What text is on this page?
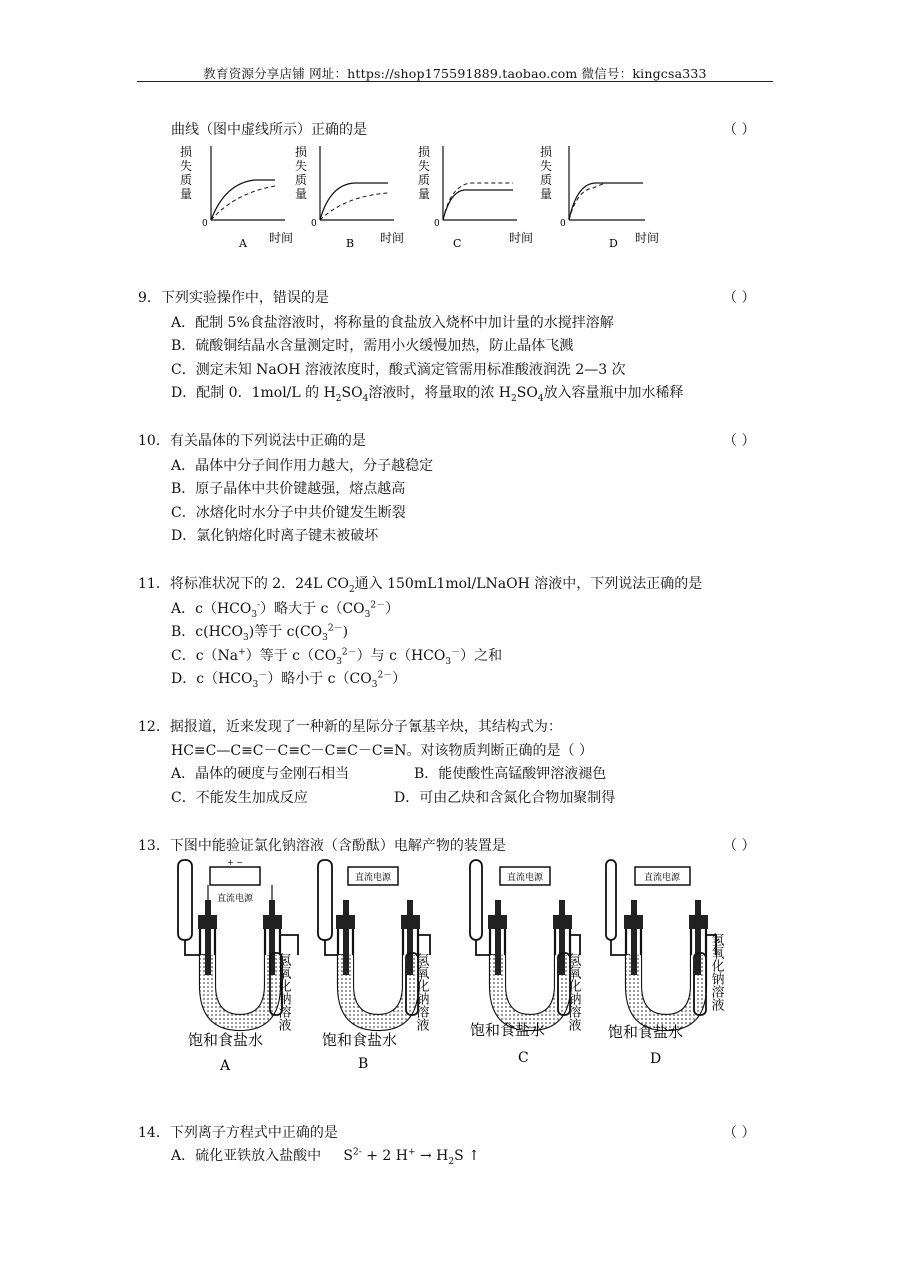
教育资源分享店铺 网址：https://shop175591889.taobao.com 微信号：kingcsa333
曲线（图中虚线所示）正确的是	（ ）
损
失
质
量
0
时间
A
损
失
质
量
0
时间
B
损
失
质
量
0
时间
C
损
失
质
量
0
时间
D
9．下列实验操作中，错误的是	（ ）
A．配制 5%食盐溶液时，将称量的食盐放入烧杯中加计量的水搅拌溶解
B．硫酸铜结晶水含量测定时，需用小火缓慢加热，防止晶体飞溅
C．测定未知 NaOH 溶液浓度时，酸式滴定管需用标准酸液润洗 2—3 次
D．配制 0．1mol/L 的 $H_2SO_4$溶液时，将量取的浓 $H_2SO_4$放入容量瓶中加水稀释
10．有关晶体的下列说法中正确的是	（ ）
A．晶体中分子间作用力越大，分子越稳定
B．原子晶体中共价键越强，熔点越高
C．冰熔化时水分子中共价键发生断裂
D．氯化钠熔化时离子键未被破坏
11．将标准状况下的 2．24L $CO_2$通入 150mL1mol/LNaOH 溶液中，下列说法正确的是
A．$c(HCO_3^-)$略大于 $c(CO_3^{2-})$
B．$c(HCO_3)$等于 $c(CO_3^{2-})$
C．c（Na+）等于 $c(CO_3^{2-})$与 $c(HCO_3^-)$之和
D．$c(HCO_3^-)$略小于 $c(CO_3^{2-})$
12．据报道，近来发现了一种新的星际分子氰基辛炔，其结构式为：
HC≡C—C≡C－C≡C－C≡C－C≡N。对该物质判断正确的是（ ）
A．晶体的硬度与金刚石相当	B．能使酸性高锰酸钾溶液褪色
C．不能发生加成反应	D．可由乙炔和含氮化合物加聚制得
13．下图中能验证氯化钠溶液（含酚酞）电解产物的装置是	（ ）
+ −
直流电源
氢氧化钠溶液
饱和食盐水
A
直流电源
氢氧化钠溶液
饱和食盐水
B
直流电源
氢氧化钠溶液
饱和食盐水
C
直流电源
氢氧化钠溶液
饱和食盐水
D
14．下列离子方程式中正确的是	（ ）
A．硫化亚铁放入盐酸中 $S^{2-} + 2$ $H^+ \to H_2S$ ↑
